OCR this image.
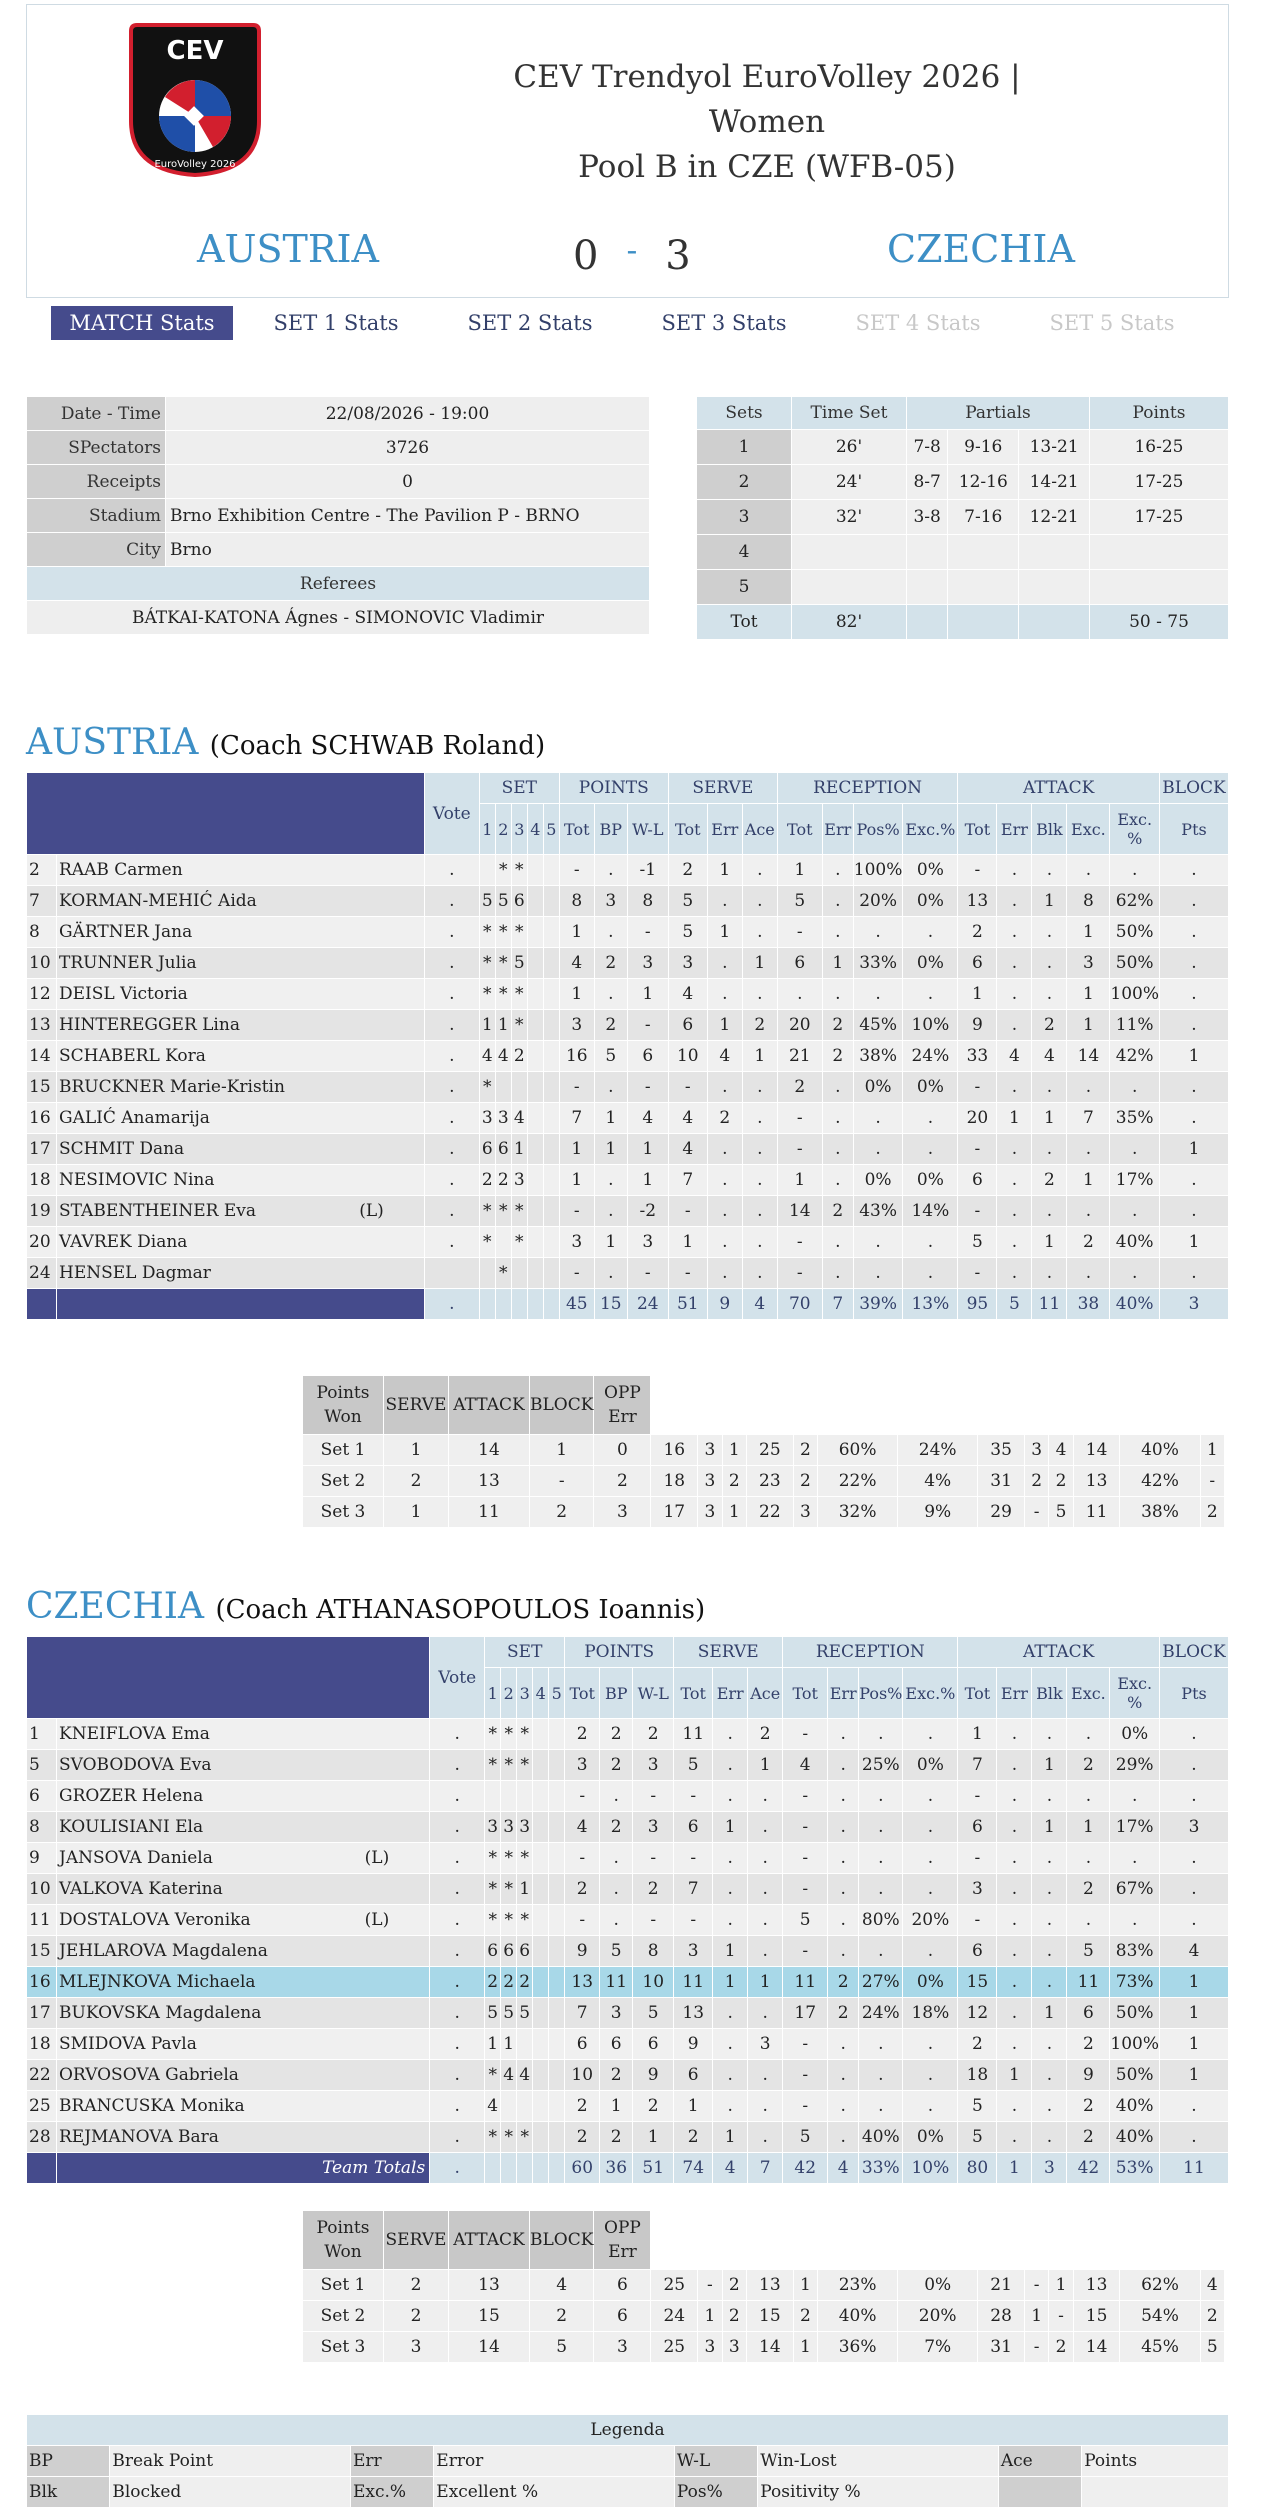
CEV
EuroVolley 2026
CEV Trendyol EuroVolley 2026 | Women
Pool B in CZE (WFB-05)
AUSTRIA	0 - 3	CZECHIA
MATCH Stats	SET 1 Stats	SET 2 Stats	SET 3 Stats	SET 4 Stats	SET 5 Stats
Date - Time	22/08/2026 - 19:00
SPectators	3726
Receipts	0
Stadium	Brno Exhibition Centre - The Pavilion P - BRNO
City	Brno
Referees	
BÁTKAI-KATONA Ágnes - SIMONOVIC Vladimir	
Sets	Time Set	Partials			Points
1	26'	7-8	9-16	13-21	16-25
2	24'	8-7	12-16	14-21	17-25
3	32'	3-8	7-16	12-21	17-25
4					
5					
Tot	82'				50 - 75
AUSTRIA (Coach SCHWAB Roland)
		Vote	SET					POINTS			SERVE			RECEPTION				ATTACK					BLOCK
			1	2	3	4	5	Tot	BP	W-L	Tot	Err	Ace	Tot	Err	Pos%	Exc.%	Tot	Err	Blk	Exc.	Exc. %	Pts
2	RAAB Carmen	.		*	*			-	.	-1	2	1	.	1	.	100%	0%	-	.	.	.	.	.
7	KORMAN-MEHIĆ Aida	.	5	5	6			8	3	8	5	.	.	5	.	20%	0%	13	.	1	8	62%	.
8	GÄRTNER Jana	.	*	*	*			1	.	-	5	1	.	-	.	.	.	2	.	.	1	50%	.
10	TRUNNER Julia	.	*	*	5			4	2	3	3	.	1	6	1	33%	0%	6	.	.	3	50%	.
12	DEISL Victoria	.	*	*	*			1	.	1	4	.	.	.	.	.	.	1	.	.	1	100%	.
13	HINTEREGGER Lina	.	1	1	*			3	2	-	6	1	2	20	2	45%	10%	9	.	2	1	11%	.
14	SCHABERL Kora	.	4	4	2			16	5	6	10	4	1	21	2	38%	24%	33	4	4	14	42%	1
15	BRUCKNER Marie-Kristin	.	*					-	.	-	-	.	.	2	.	0%	0%	-	.	.	.	.	.
16	GALIĆ Anamarija	.	3	3	4			7	1	4	4	2	.	-	.	.	.	20	1	1	7	35%	.
17	SCHMIT Dana	.	6	6	1			1	1	1	4	.	.	-	.	.	.	-	.	.	.	.	1
18	NESIMOVIC Nina	.	2	2	3			1	.	1	7	.	.	1	.	0%	0%	6	.	2	1	17%	.
19	STABENTHEINER Eva (L)	.	*	*	*			-	.	-2	-	.	.	14	2	43%	14%	-	.	.	.	.	.
20	VAVREK Diana	.	*		*			3	1	3	1	.	.	-	.	.	.	5	.	1	2	40%	1
24	HENSEL Dagmar			*				-	.	-	-	.	.	-	.	.	.	-	.	.	.	.	.
		.						45	15	24	51	9	4	70	7	39%	13%	95	5	11	38	40%	3
Points Won	SERVE	ATTACK	BLOCK	OPP Err													
Set 1	1	14	1	0	16	3	1	25	2	60%	24%	35	3	4	14	40%	1
Set 2	2	13	-	2	18	3	2	23	2	22%	4%	31	2	2	13	42%	-
Set 3	1	11	2	3	17	3	1	22	3	32%	9%	29	-	5	11	38%	2
CZECHIA (Coach ATHANASOPOULOS Ioannis)
		Vote	SET					POINTS			SERVE			RECEPTION				ATTACK					BLOCK
			1	2	3	4	5	Tot	BP	W-L	Tot	Err	Ace	Tot	Err	Pos%	Exc.%	Tot	Err	Blk	Exc.	Exc. %	Pts
1	KNEIFLOVA Ema	.	*	*	*			2	2	2	11	.	2	-	.	.	.	1	.	.	.	0%	.
5	SVOBODOVA Eva	.	*	*	*			3	2	3	5	.	1	4	.	25%	0%	7	.	1	2	29%	.
6	GROZER Helena	.						-	.	-	-	.	.	-	.	.	.	-	.	.	.	.	.
8	KOULISIANI Ela	.	3	3	3			4	2	3	6	1	.	-	.	.	.	6	.	1	1	17%	3
9	JANSOVA Daniela (L)	.	*	*	*			-	.	-	-	.	.	-	.	.	.	-	.	.	.	.	.
10	VALKOVA Katerina	.	*	*	1			2	.	2	7	.	.	-	.	.	.	3	.	.	2	67%	.
11	DOSTALOVA Veronika (L)	.	*	*	*			-	.	-	-	.	.	5	.	80%	20%	-	.	.	.	.	.
15	JEHLAROVA Magdalena	.	6	6	6			9	5	8	3	1	.	-	.	.	.	6	.	.	5	83%	4
16	MLEJNKOVA Michaela	.	2	2	2			13	11	10	11	1	1	11	2	27%	0%	15	.	.	11	73%	1
17	BUKOVSKA Magdalena	.	5	5	5			7	3	5	13	.	.	17	2	24%	18%	12	.	1	6	50%	1
18	SMIDOVA Pavla	.	1	1				6	6	6	9	.	3	-	.	.	.	2	.	.	2	100%	1
22	ORVOSOVA Gabriela	.	*	4	4			10	2	9	6	.	.	-	.	.	.	18	1	.	9	50%	1
25	BRANCUSKA Monika	.	4					2	1	2	1	.	.	-	.	.	.	5	.	.	2	40%	.
28	REJMANOVA Bara	.	*	*	*			2	2	1	2	1	.	5	.	40%	0%	5	.	.	2	40%	.
	Team Totals	.						60	36	51	74	4	7	42	4	33%	10%	80	1	3	42	53%	11
Points Won	SERVE	ATTACK	BLOCK	OPP Err													
Set 1	2	13	4	6	25	-	2	13	1	23%	0%	21	-	1	13	62%	4
Set 2	2	15	2	6	24	1	2	15	2	40%	20%	28	1	-	15	54%	2
Set 3	3	14	5	3	25	3	3	14	1	36%	7%	31	-	2	14	45%	5
Legenda							
BP	Break Point	Err	Error	W-L	Win-Lost	Ace	Points
Blk	Blocked	Exc.%	Excellent %	Pos%	Positivity %		
